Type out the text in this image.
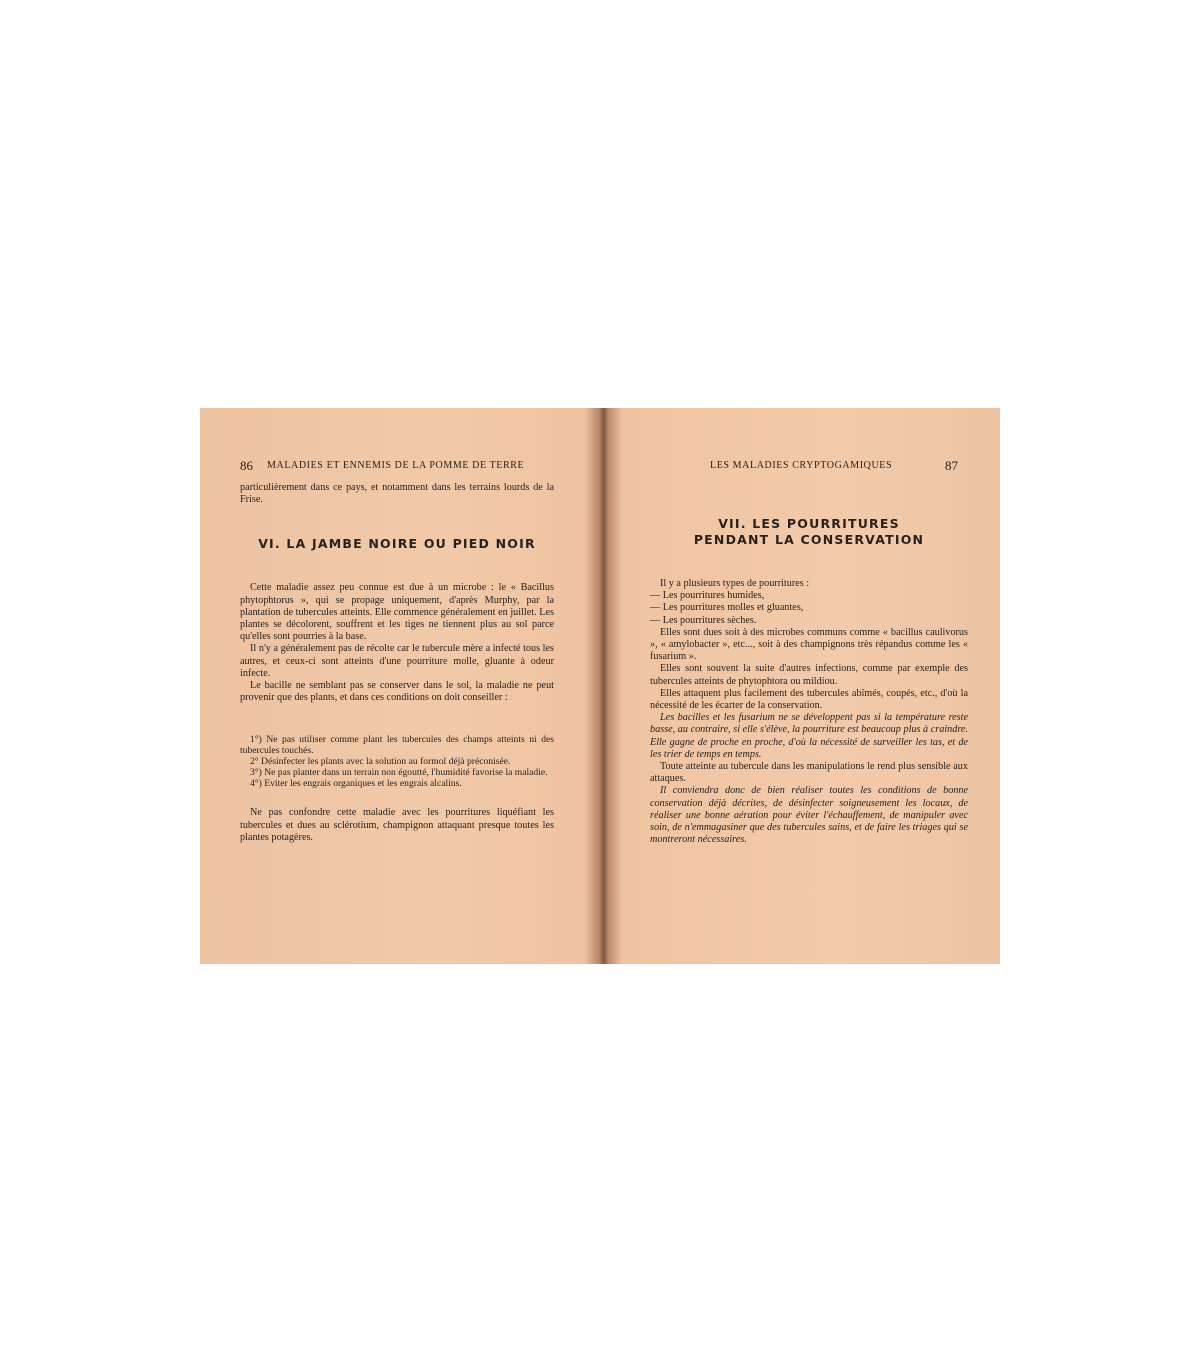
86 MALADIES ET ENNEMIS DE LA POMME DE TERRE

particulièrement dans ce pays, et notamment dans les terrains lourds de la Frise.

VI. LA JAMBE NOIRE OU PIED NOIR

Cette maladie assez peu connue est due à un microbe : le « Bacillus phytophtorus », qui se propage uniquement, d'après Murphy, par la plantation de tubercules atteints. Elle commence généralement en juillet. Les plantes se décolorent, souffrent et les tiges ne tiennent plus au sol parce qu'elles sont pourries à la base.

Il n'y a généralement pas de récolte car le tubercule mère a infecté tous les autres, et ceux-ci sont atteints d'une pourriture molle, gluante à odeur infecte.

Le bacille ne semblant pas se conserver dans le sol, la maladie ne peut provenir que des plants, et dans ces conditions on doit conseiller :

1°) Ne pas utiliser comme plant les tubercules des champs atteints ni des tubercules touchés.

2° Désinfecter les plants avec la solution au formol déjà préconisée.

3°) Ne pas planter dans un terrain non égoutté, l'humidité favorise la maladie.

4°) Eviter les engrais organiques et les engrais alcalins.

Ne pas confondre cette maladie avec les pourritures liquéfiant les tubercules et dues au sclérotium, champignon attaquant presque toutes les plantes potagères.

LES MALADIES CRYPTOGAMIQUES	87
VII. LES POURRITURES
PENDANT LA CONSERVATION

Il y a plusieurs types de pourritures :

— Les pourritures humides,

— Les pourritures molles et gluantes,

— Les pourritures sèches.

Elles sont dues soit à des microbes communs comme « bacillus caulivorus », « amylobacter », etc..., soit à des champignons très répandus comme les « fusarium ».

Elles sont souvent la suite d'autres infections, comme par exemple des tubercules atteints de phytophtora ou mildiou.

Elles attaquent plus facilement des tubercules abîmés, coupés, etc., d'où la nécessité de les écarter de la conservation.

Les bacilles et les fusarium ne se développent pas si la température reste basse, au contraire, si elle s'élève, la pourriture est beaucoup plus à craindre. Elle gagne de proche en proche, d'où la nécessité de surveiller les tas, et de les trier de temps en temps.

Toute atteinte au tubercule dans les manipulations le rend plus sensible aux attaques.

Il conviendra donc de bien réaliser toutes les conditions de bonne conservation déjà décrites, de désinfecter soigneusement les locaux, de réaliser une bonne aération pour éviter l'échauffement, de manipuler avec soin, de n'emmagasiner que des tubercules sains, et de faire les triages qui se montreront nécessaires.
